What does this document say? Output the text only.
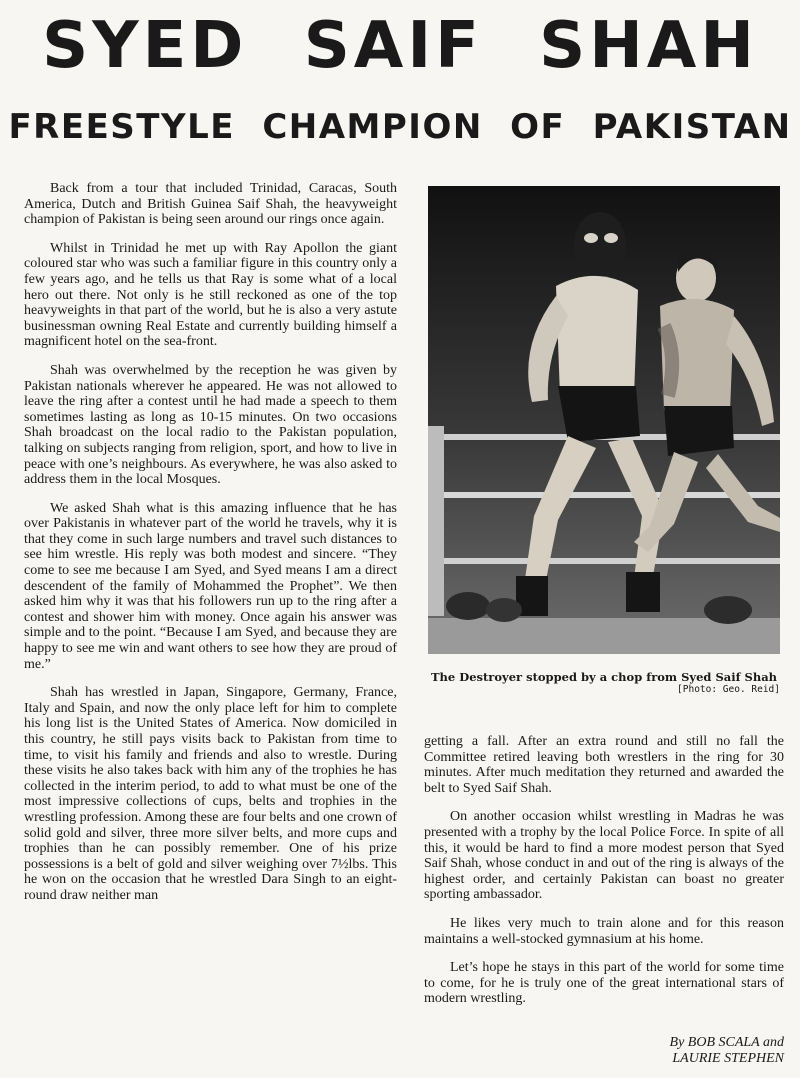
SYED SAIF SHAH
FREESTYLE CHAMPION OF PAKISTAN

Back from a tour that included Trinidad, Caracas, South America, Dutch and British Guinea Saif Shah, the heavyweight champion of Pakistan is being seen around our rings once again.

Whilst in Trinidad he met up with Ray Apollon the giant coloured star who was such a familiar figure in this country only a few years ago, and he tells us that Ray is some what of a local hero out there. Not only is he still reckoned as one of the top heavyweights in that part of the world, but he is also a very astute businessman owning Real Estate and currently building himself a magnificent hotel on the sea-front.

Shah was overwhelmed by the reception he was given by Pakistan nationals wherever he appeared. He was not allowed to leave the ring after a contest until he had made a speech to them sometimes lasting as long as 10-15 minutes. On two occasions Shah broadcast on the local radio to the Pakistan population, talking on subjects ranging from religion, sport, and how to live in peace with one’s neighbours. As everywhere, he was also asked to address them in the local Mosques.

We asked Shah what is this amazing influence that he has over Pakistanis in whatever part of the world he travels, why it is that they come in such large numbers and travel such distances to see him wrestle. His reply was both modest and sincere. “They come to see me because I am Syed, and Syed means I am a direct descendent of the family of Mohammed the Prophet”. We then asked him why it was that his followers run up to the ring after a contest and shower him with money. Once again his answer was simple and to the point. “Because I am Syed, and because they are happy to see me win and want others to see how they are proud of me.”

Shah has wrestled in Japan, Singapore, Germany, France, Italy and Spain, and now the only place left for him to complete his long list is the United States of America. Now domiciled in this country, he still pays visits back to Pakistan from time to time, to visit his family and friends and also to wrestle. During these visits he also takes back with him any of the trophies he has collected in the interim period, to add to what must be one of the most impressive collections of cups, belts and trophies in the wrestling profession. Among these are four belts and one crown of solid gold and silver, three more silver belts, and more cups and trophies than he can possibly remember. One of his prize possessions is a belt of gold and silver weighing over 7½lbs. This he won on the occasion that he wrestled Dara Singh to an eight-round draw neither man

The Destroyer stopped by a chop from Syed Saif Shah
[Photo: Geo. Reid]

getting a fall. After an extra round and still no fall the Committee retired leaving both wrestlers in the ring for 30 minutes. After much meditation they returned and awarded the belt to Syed Saif Shah.

On another occasion whilst wrestling in Madras he was presented with a trophy by the local Police Force. In spite of all this, it would be hard to find a more modest person that Syed Saif Shah, whose conduct in and out of the ring is always of the highest order, and certainly Pakistan can boast no greater sporting ambassador.

He likes very much to train alone and for this reason maintains a well-stocked gymnasium at his home.

Let’s hope he stays in this part of the world for some time to come, for he is truly one of the great international stars of modern wrestling.

By BOB SCALA and
LAURIE STEPHEN
